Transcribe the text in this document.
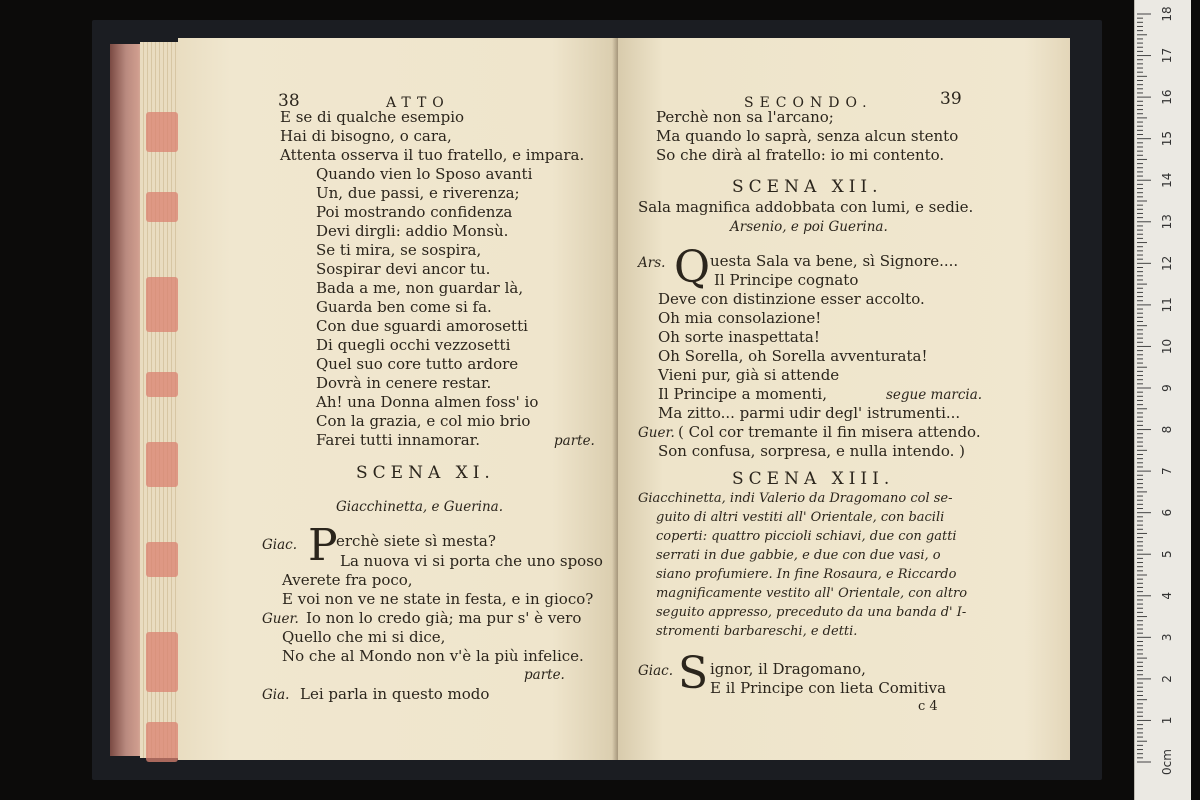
38	ATTO
E se di qualche esempio
Hai di bisogno, o cara,
Attenta osserva il tuo fratello, e impara.
Quando vien lo Sposo avanti
Un, due passi, e riverenza;
Poi mostrando confidenza
Devi dirgli: addio Monsù.
Se ti mira, se sospira,
Sospirar devi ancor tu.
Bada a me, non guardar là,
Guarda ben come si fa.
Con due sguardi amorosetti
Di quegli occhi vezzosetti
Quel suo core tutto ardore
Dovrà in cenere restar.
Ah! una Donna almen foss' io
Con la grazia, e col mio brio
Farei tutti innamorar.	parte.
SCENA XI.
Giacchinetta, e Guerina.
Giac. P
erchè siete sì mesta?
La nuova vi si porta che uno sposo
Averete fra poco,
E voi non ve ne state in festa, e in gioco?
Guer. Io non lo credo già; ma pur s' è vero
Quello che mi si dice,
No che al Mondo non v'è la più infelice.
parte.
Gia. Lei parla in questo modo
SECONDO.	39
Perchè non sa l'arcano;
Ma quando lo saprà, senza alcun stento
So che dirà al fratello: io mi contento.
SCENA XII.
Sala magnifica addobbata con lumi, e sedie.
Arsenio, e poi Guerina.
Ars. Q uesta Sala va bene, sì Signore....
Il Principe cognato
Deve con distinzione esser accolto.
Oh mia consolazione!
Oh sorte inaspettata!
Oh Sorella, oh Sorella avventurata!
Vieni pur, già si attende
Il Principe a momenti,	segue marcia.
Ma zitto... parmi udir degl' istrumenti...
Guer. ( Col cor tremante il fin misera attendo.
Son confusa, sorpresa, e nulla intendo. )
SCENA XIII.
Giacchinetta, indi Valerio da Dragomano col se-
guito di altri vestiti all' Orientale, con bacili
coperti: quattro piccioli schiavi, due con gatti
serrati in due gabbie, e due con due vasi, o
siano profumiere. In fine Rosaura, e Riccardo
magnificamente vestito all' Orientale, con altro
seguito appresso, preceduto da una banda d' I-
stromenti barbareschi, e detti.
Giac. S ignor, il Dragomano,
E il Principe con lieta Comitiva
c 4
0cm
1
2
3
4
5
6
7
8
9
10
11
12
13
14
15
16
17
18
